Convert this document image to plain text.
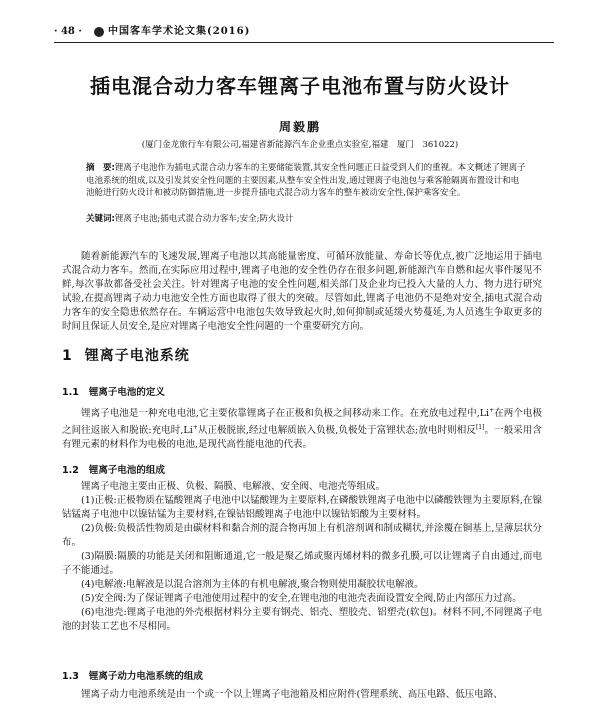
· 48 ·	中国客车学术论文集(2016)
插电混合动力客车锂离子电池布置与防火设计
周毅鹏
(厦门金龙旅行车有限公司,福建省新能源汽车企业重点实验室,福建　厦门　361022)
摘　要:锂离子电池作为插电式混合动力客车的主要储能装置,其安全性问题正日益受到人们的重视。本文概述了锂离子电池系统的组成,以及引发其安全性问题的主要因素,从整车安全性出发,通过锂离子电池包与乘客舱隔离布置设计和电池舱进行防火设计和被动防御措施,进一步提升插电式混合动力客车的整车被动安全性,保护乘客安全。
关键词:锂离子电池;插电式混合动力客车;安全;防火设计
随着新能源汽车的飞速发展,锂离子电池以其高能量密度、可循环放能量、寿命长等优点,被广泛地运用于插电式混合动力客车。然而,在实际应用过程中,锂离子电池的安全性仍存在很多问题,新能源汽车自燃和起火事件屡见不鲜,每次事故都备受社会关注。针对锂离子电池的安全性问题,相关部门及企业均已投入大量的人力、物力进行研究试验,在提高锂离子动力电池安全性方面也取得了很大的突破。尽管如此,锂离子电池仍不是绝对安全,插电式混合动力客车的安全隐患依然存在。车辆运营中电池包失效导致起火时,如何抑制或延缓火势蔓延,为人员逃生争取更多的时间且保证人员安全,是应对锂离子电池安全性问题的一个重要研究方向。
1 锂离子电池系统
1.1 锂离子电池的定义
锂离子电池是一种充电电池,它主要依靠锂离子在正极和负极之间移动来工作。在充放电过程中,Li+在两个电极之间往返嵌入和脱嵌:充电时,Li+从正极脱嵌,经过电解质嵌入负极,负极处于富锂状态;放电时则相反[1]。一般采用含有锂元素的材料作为电极的电池,是现代高性能电池的代表。
1.2 锂离子电池的组成
锂离子电池主要由正极、负极、隔膜、电解液、安全阀、电池壳等组成。
(1)正极:正极物质在锰酸锂离子电池中以锰酸锂为主要原料,在磷酸铁锂离子电池中以磷酸铁锂为主要原料,在镍钴锰离子电池中以镍钴锰为主要材料,在镍钴铝酸锂离子电池中以镍钴铝酸为主要材料。
(2)负极:负极活性物质是由碳材料和黏合剂的混合物再加上有机溶剂调和制成糊状,并涂覆在铜基上,呈薄层状分布。
(3)隔膜:隔膜的功能是关闭和阻断通道,它一般是聚乙烯或聚丙烯材料的微多孔膜,可以让锂离子自由通过,而电子不能通过。
(4)电解液:电解液是以混合溶剂为主体的有机电解液,聚合物则使用凝胶状电解液。
(5)安全阀:为了保证锂离子电池使用过程中的安全,在锂电池的电池壳表面设置安全阀,防止内部压力过高。
(6)电池壳:锂离子电池的外壳根据材料分主要有钢壳、铝壳、塑胶壳、铝塑壳(软包)。材料不同,不同锂离子电池的封装工艺也不尽相同。
1.3 锂离子动力电池系统的组成
锂离子动力电池系统是由一个或一个以上锂离子电池箱及相应附件(管理系统、高压电路、低压电路、
